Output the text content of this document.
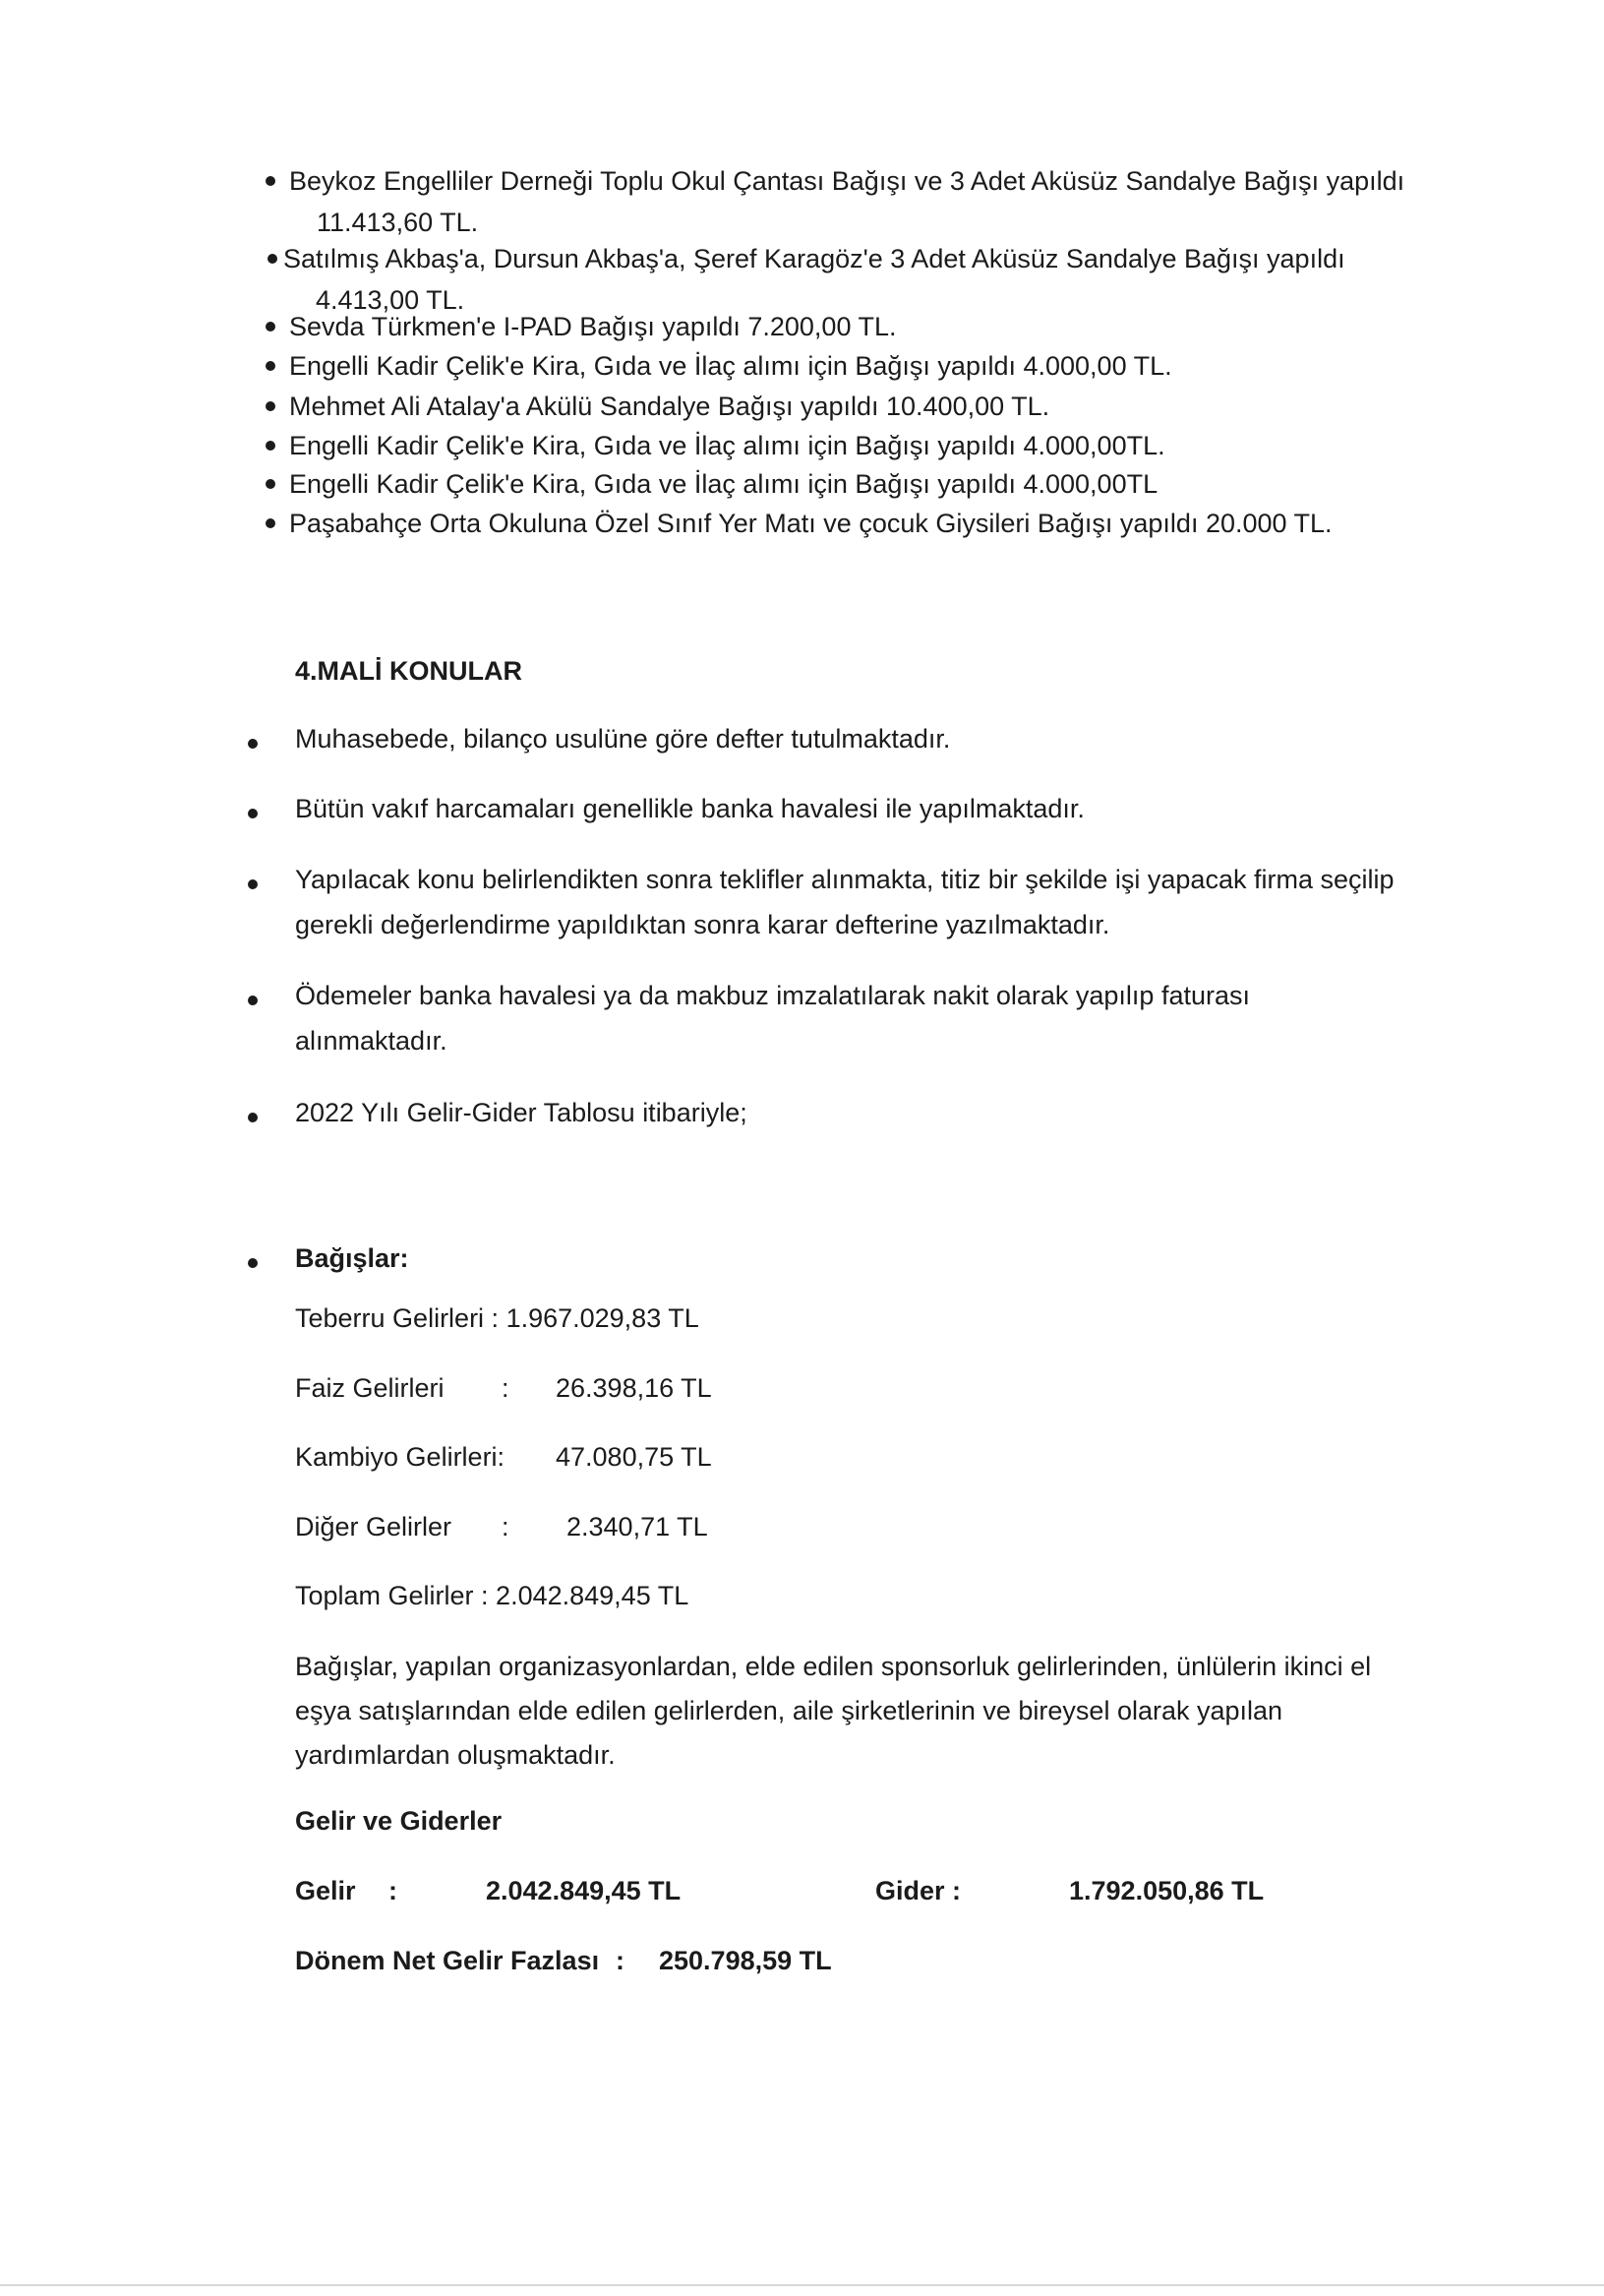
Beykoz Engelliler Derneği Toplu Okul Çantası Bağışı ve 3 Adet Aküsüz Sandalye Bağışı yapıldı
11.413,60 TL.
Satılmış Akbaş'a, Dursun Akbaş'a, Şeref Karagöz'e 3 Adet Aküsüz Sandalye Bağışı yapıldı
4.413,00 TL.
Sevda Türkmen'e I-PAD Bağışı yapıldı 7.200,00 TL.
Engelli Kadir Çelik'e Kira, Gıda ve İlaç alımı için Bağışı yapıldı 4.000,00 TL.
Mehmet Ali Atalay'a Akülü Sandalye Bağışı yapıldı 10.400,00 TL.
Engelli Kadir Çelik'e Kira, Gıda ve İlaç alımı için Bağışı yapıldı 4.000,00TL.
Engelli Kadir Çelik'e Kira, Gıda ve İlaç alımı için Bağışı yapıldı 4.000,00TL
Paşabahçe Orta Okuluna Özel Sınıf Yer Matı ve çocuk Giysileri Bağışı yapıldı 20.000 TL.
4.MALİ KONULAR
Muhasebede, bilanço usulüne göre defter tutulmaktadır.
Bütün vakıf harcamaları genellikle banka havalesi ile yapılmaktadır.
Yapılacak konu belirlendikten sonra teklifler alınmakta, titiz bir şekilde işi yapacak firma seçilip gerekli değerlendirme yapıldıktan sonra karar defterine yazılmaktadır.
Ödemeler banka havalesi ya da makbuz imzalatılarak nakit olarak yapılıp faturası alınmaktadır.
2022 Yılı Gelir-Gider Tablosu itibariyle;
Bağışlar:
Teberru Gelirleri : 1.967.029,83 TL
Faiz Gelirleri : 26.398,16 TL
Kambiyo Gelirleri: 47.080,75 TL
Diğer Gelirler : 2.340,71 TL
Toplam Gelirler : 2.042.849,45 TL
Bağışlar, yapılan organizasyonlardan, elde edilen sponsorluk gelirlerinden, ünlülerin ikinci el eşya satışlarından elde edilen gelirlerden, aile şirketlerinin ve bireysel olarak yapılan yardımlardan oluşmaktadır.
Gelir ve Giderler
Gelir :	2.042.849,45 TL	Gider :	1.792.050,86 TL
Dönem Net Gelir Fazlası : 250.798,59 TL
